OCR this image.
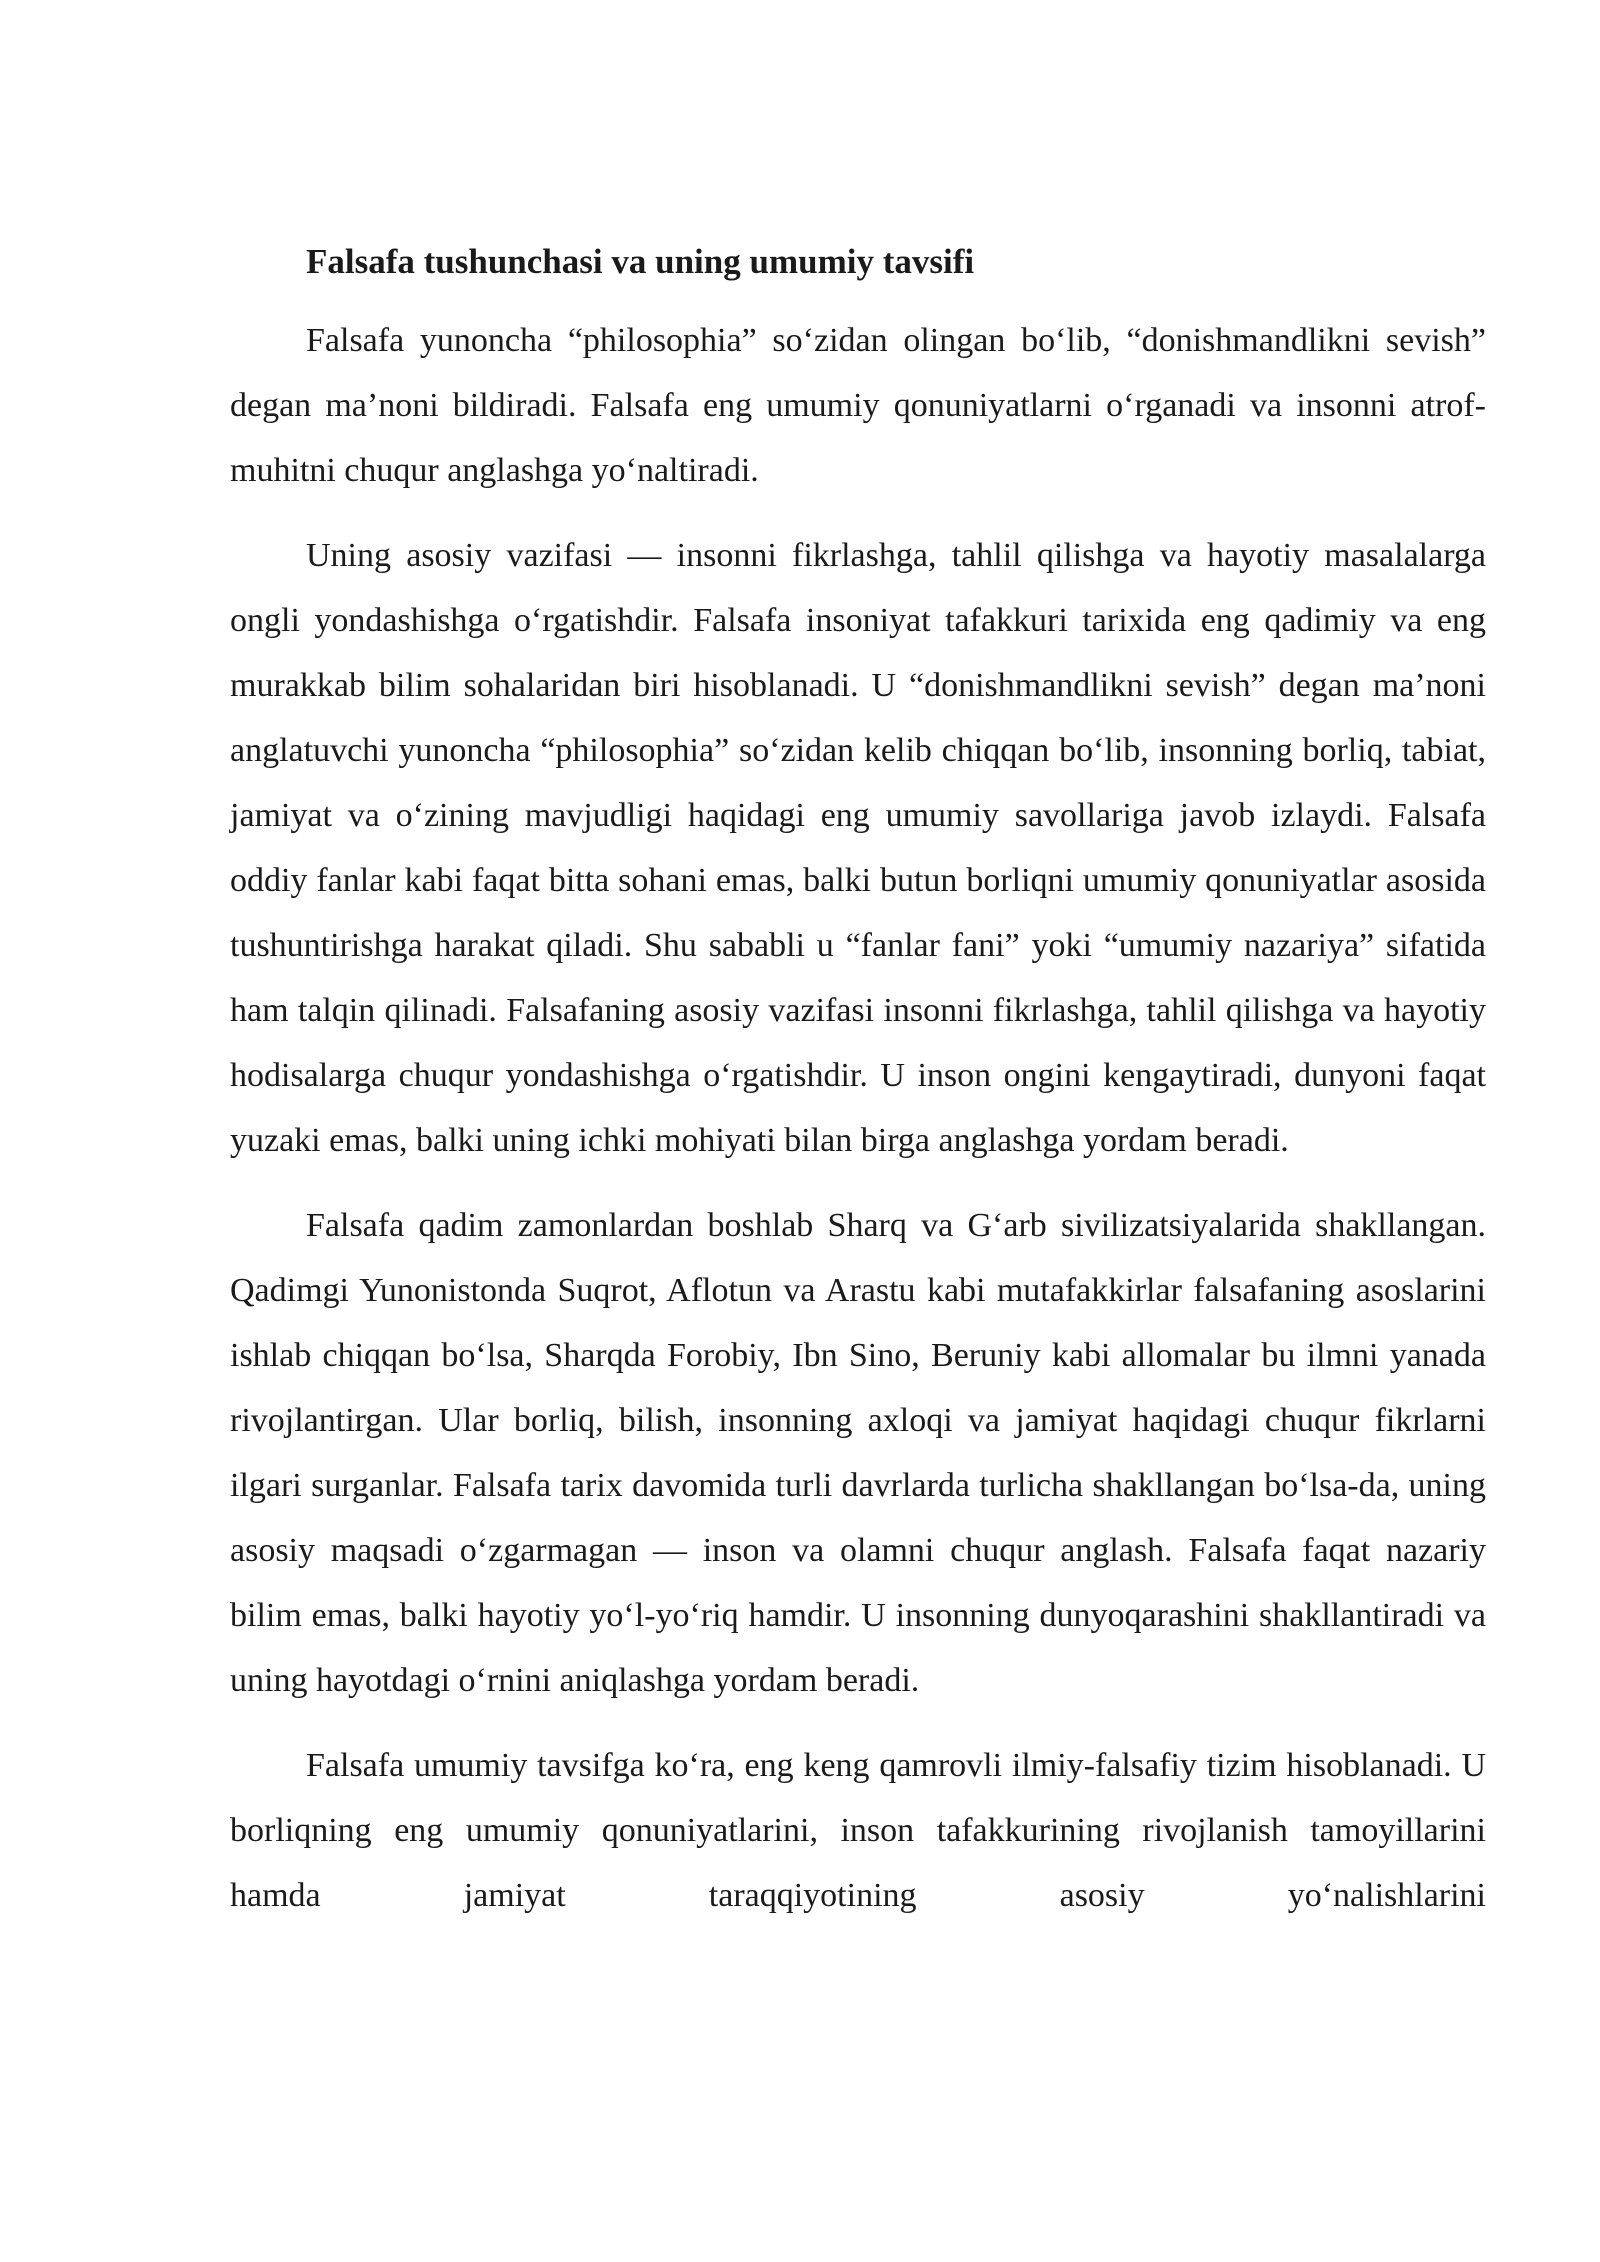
Falsafa tushunchasi va uning umumiy tavsifi

Falsafa yunoncha “philosophia” so‘zidan olingan bo‘lib, “donishmandlikni sevish” degan ma’noni bildiradi. Falsafa eng umumiy qonuniyatlarni o‘rganadi va insonni atrof-muhitni chuqur anglashga yo‘naltiradi.

Uning asosiy vazifasi — insonni fikrlashga, tahlil qilishga va hayotiy masalalarga ongli yondashishga o‘rgatishdir. Falsafa insoniyat tafakkuri tarixida eng qadimiy va eng murakkab bilim sohalaridan biri hisoblanadi. U “donishmandlikni sevish” degan ma’noni anglatuvchi yunoncha “philosophia” so‘zidan kelib chiqqan bo‘lib, insonning borliq, tabiat, jamiyat va o‘zining mavjudligi haqidagi eng umumiy savollariga javob izlaydi. Falsafa oddiy fanlar kabi faqat bitta sohani emas, balki butun borliqni umumiy qonuniyatlar asosida tushuntirishga harakat qiladi. Shu sababli u “fanlar fani” yoki “umumiy nazariya” sifatida ham talqin qilinadi. Falsafaning asosiy vazifasi insonni fikrlashga, tahlil qilishga va hayotiy hodisalarga chuqur yondashishga o‘rgatishdir. U inson ongini kengaytiradi, dunyoni faqat yuzaki emas, balki uning ichki mohiyati bilan birga anglashga yordam beradi.

Falsafa qadim zamonlardan boshlab Sharq va G‘arb sivilizatsiyalarida shakllangan. Qadimgi Yunonistonda Suqrot, Aflotun va Arastu kabi mutafakkirlar falsafaning asoslarini ishlab chiqqan bo‘lsa, Sharqda Forobiy, Ibn Sino, Beruniy kabi allomalar bu ilmni yanada rivojlantirgan. Ular borliq, bilish, insonning axloqi va jamiyat haqidagi chuqur fikrlarni ilgari surganlar. Falsafa tarix davomida turli davrlarda turlicha shakllangan bo‘lsa-da, uning asosiy maqsadi o‘zgarmagan — inson va olamni chuqur anglash. Falsafa faqat nazariy bilim emas, balki hayotiy yo‘l-yo‘riq hamdir. U insonning dunyoqarashini shakllantiradi va uning hayotdagi o‘rnini aniqlashga yordam beradi.

Falsafa umumiy tavsifga ko‘ra, eng keng qamrovli ilmiy-falsafiy tizim hisoblanadi. U borliqning eng umumiy qonuniyatlarini, inson tafakkurining rivojlanish tamoyillarini hamda jamiyat taraqqiyotining asosiy yo‘nalishlarini
